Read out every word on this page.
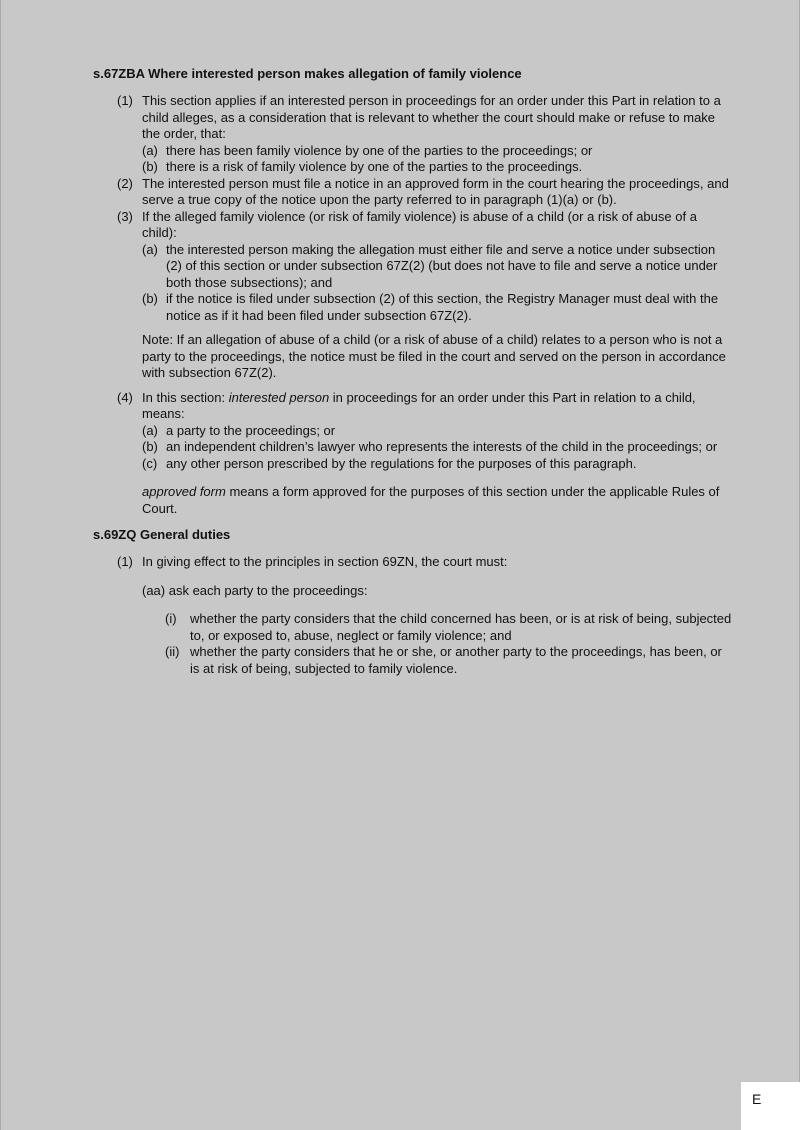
s.67ZBA Where interested person makes allegation of family violence
(1) This section applies if an interested person in proceedings for an order under this Part in relation to a child alleges, as a consideration that is relevant to whether the court should make or refuse to make the order, that:
(a) there has been family violence by one of the parties to the proceedings; or
(b) there is a risk of family violence by one of the parties to the proceedings.
(2) The interested person must file a notice in an approved form in the court hearing the proceedings, and serve a true copy of the notice upon the party referred to in paragraph (1)(a) or (b).
(3) If the alleged family violence (or risk of family violence) is abuse of a child (or a risk of abuse of a child):
(a) the interested person making the allegation must either file and serve a notice under subsection (2) of this section or under subsection 67Z(2) (but does not have to file and serve a notice under both those subsections); and
(b) if the notice is filed under subsection (2) of this section, the Registry Manager must deal with the notice as if it had been filed under subsection 67Z(2).
Note: If an allegation of abuse of a child (or a risk of abuse of a child) relates to a person who is not a party to the proceedings, the notice must be filed in the court and served on the person in accordance with subsection 67Z(2).
(4) In this section: interested person in proceedings for an order under this Part in relation to a child, means:
(a) a party to the proceedings; or
(b) an independent children’s lawyer who represents the interests of the child in the proceedings; or
(c) any other person prescribed by the regulations for the purposes of this paragraph.
approved form means a form approved for the purposes of this section under the applicable Rules of Court.
s.69ZQ General duties
(1) In giving effect to the principles in section 69ZN, the court must:
(aa) ask each party to the proceedings:
(i)	whether the party considers that the child concerned has been, or is at risk of being, subjected to, or exposed to, abuse, neglect or family violence; and
(ii) whether the party considers that he or she, or another party to the proceedings, has been, or is at risk of being, subjected to family violence.
E
